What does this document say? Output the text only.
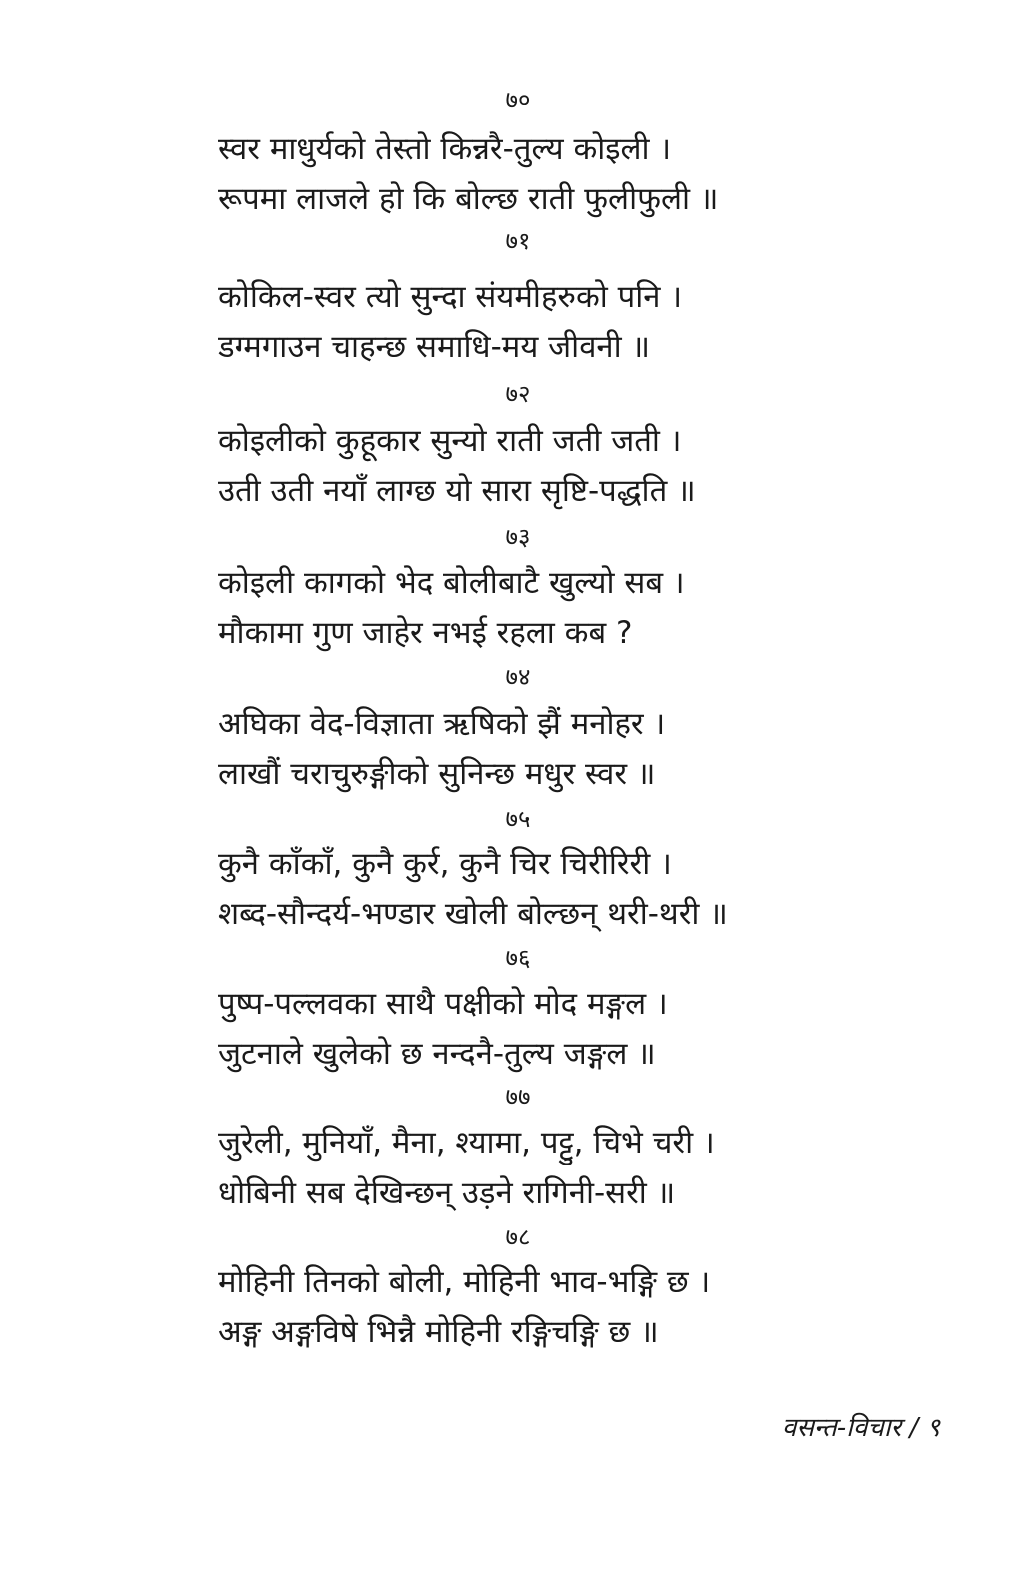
७०
स्वर माधुर्यको तेस्तो किन्नरै-तुल्य कोइली ।
रूपमा लाजले हो कि बोल्छ राती फुलीफुली ॥
७१
कोकिल-स्वर त्यो सुन्दा संयमीहरुको पनि ।
डग्मगाउन चाहन्छ समाधि-मय जीवनी ॥
७२
कोइलीको कुहूकार सुन्यो राती जती जती ।
उती उती नयाँ लाग्छ यो सारा सृष्टि-पद्धति ॥
७३
कोइली कागको भेद बोलीबाटै खुल्यो सब ।
मौकामा गुण जाहेर नभई रहला कब ?
७४
अघिका वेद-विज्ञाता ऋषिको झैं मनोहर ।
लाखौं चराचुरुङ्गीको सुनिन्छ मधुर स्वर ॥
७५
कुनै काँकाँ, कुनै कुर्र, कुनै चिर चिरीरिरी ।
शब्द-सौन्दर्य-भण्डार खोली बोल्छन् थरी-थरी ॥
७६
पुष्प-पल्लवका साथै पक्षीको मोद मङ्गल ।
जुटनाले खुलेको छ नन्दनै-तुल्य जङ्गल ॥
७७
जुरेली, मुनियाँ, मैना, श्यामा, पट्टु, चिभे चरी ।
धोबिनी सब देखिन्छन् उड़ने रागिनी-सरी ॥
७८
मोहिनी तिनको बोली, मोहिनी भाव-भङ्गि छ ।
अङ्ग अङ्गविषे भिन्नै मोहिनी रङ्गिचङ्गि छ ॥
वसन्त-विचार / ९
